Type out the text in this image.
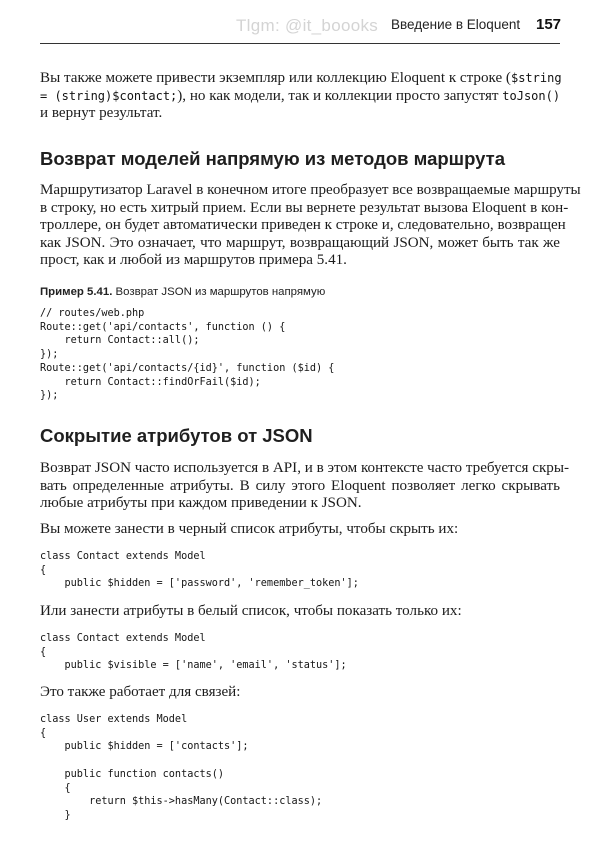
Tlgm: @it_boooks Введение в Eloquent 157

Вы также можете привести экземпляр или коллекцию Eloquent к строке ($string
= (string)$contact;), но как модели, так и коллекции просто запустят toJson()
и вернут результат.

Возврат моделей напрямую из методов маршрута

Маршрутизатор Laravel в конечном итоге преобразует все возвращаемые маршруты
в строку, но есть хитрый прием. Если вы вернете результат вызова Eloquent в кон-
троллере, он будет автоматически приведен к строке и, следовательно, возвращен
как JSON. Это означает, что маршрут, возвращающий JSON, может быть так же
прост, как и любой из маршрутов примера 5.41.

Пример 5.41. Возврат JSON из маршрутов напрямую

// routes/web.php
Route::get('api/contacts', function () {
return Contact::all();
});
Route::get('api/contacts/{id}', function ($id) {
return Contact::findOrFail($id);
});
Сокрытие атрибутов от JSON

Возврат JSON часто используется в API, и в этом контексте часто требуется скры-
вать определенные атрибуты. В силу этого Eloquent позволяет легко скрывать
любые атрибуты при каждом приведении к JSON.

Вы можете занести в черный список атрибуты, чтобы скрыть их:

class Contact extends Model
{
public $hidden = ['password', 'remember_token'];

Или занести атрибуты в белый список, чтобы показать только их:

class Contact extends Model
{
public $visible = ['name', 'email', 'status'];

Это также работает для связей:

class User extends Model
{
public $hidden = ['contacts'];

public function contacts()
{
return $this->hasMany(Contact::class);
}
